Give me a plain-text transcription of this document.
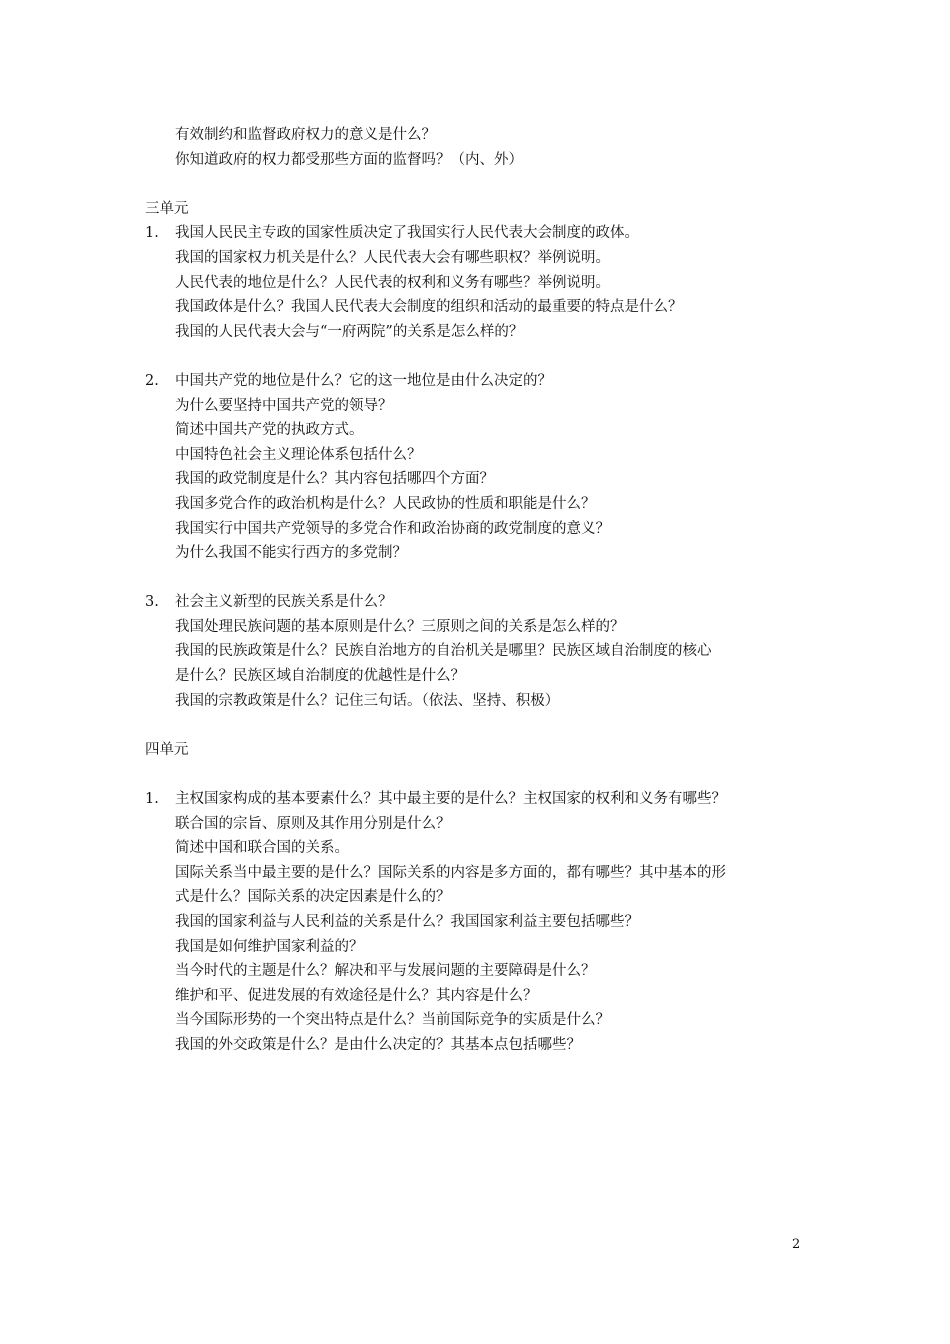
有效制约和监督政府权力的意义是什么？
你知道政府的权力都受那些方面的监督吗？（内、外）
三单元
1.	我国人民民主专政的国家性质决定了我国实行人民代表大会制度的政体。
我国的国家权力机关是什么？人民代表大会有哪些职权？举例说明。
人民代表的地位是什么？人民代表的权利和义务有哪些？举例说明。
我国政体是什么？我国人民代表大会制度的组织和活动的最重要的特点是什么？
我国的人民代表大会与“一府两院”的关系是怎么样的？
2.	中国共产党的地位是什么？它的这一地位是由什么决定的？
为什么要坚持中国共产党的领导？
简述中国共产党的执政方式。
中国特色社会主义理论体系包括什么？
我国的政党制度是什么？其内容包括哪四个方面？
我国多党合作的政治机构是什么？人民政协的性质和职能是什么？
我国实行中国共产党领导的多党合作和政治协商的政党制度的意义？
为什么我国不能实行西方的多党制？
3.	社会主义新型的民族关系是什么？
我国处理民族问题的基本原则是什么？三原则之间的关系是怎么样的？
我国的民族政策是什么？民族自治地方的自治机关是哪里？民族区域自治制度的核心
是什么？民族区域自治制度的优越性是什么？
我国的宗教政策是什么？记住三句话。（依法、坚持、积极）
四单元
1.	主权国家构成的基本要素什么？其中最主要的是什么？主权国家的权利和义务有哪些？
联合国的宗旨、原则及其作用分别是什么？
简述中国和联合国的关系。
国际关系当中最主要的是什么？国际关系的内容是多方面的，都有哪些？其中基本的形
式是什么？国际关系的决定因素是什么的？
我国的国家利益与人民利益的关系是什么？我国国家利益主要包括哪些？
我国是如何维护国家利益的？
当今时代的主题是什么？解决和平与发展问题的主要障碍是什么？
维护和平、促进发展的有效途径是什么？其内容是什么？
当今国际形势的一个突出特点是什么？当前国际竞争的实质是什么？
我国的外交政策是什么？是由什么决定的？其基本点包括哪些？
2
